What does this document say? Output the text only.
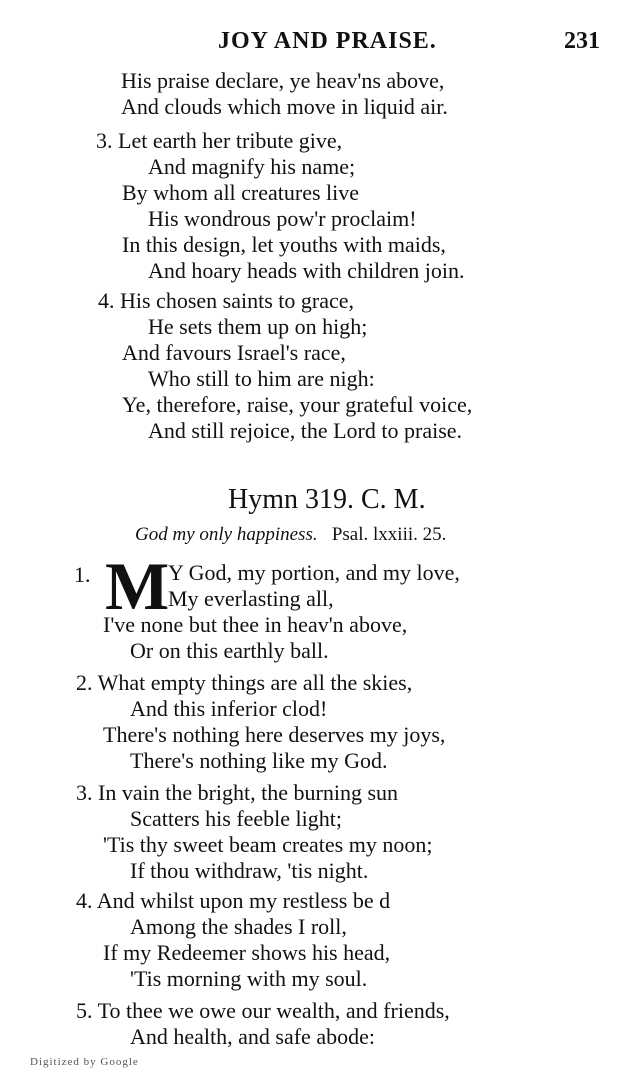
JOY AND PRAISE.	231
His praise declare, ye heav'ns above,
And clouds which move in liquid air.
3. Let earth her tribute give,
And magnify his name;
By whom all creatures live
His wondrous pow'r proclaim!
In this design, let youths with maids,
And hoary heads with children join.
4. His chosen saints to grace,
He sets them up on high;
And favours Israel's race,
Who still to him are nigh:
Ye, therefore, raise, your grateful voice,
And still rejoice, the Lord to praise.
Hymn 319. C. M.
God my only happiness. Psal. lxxiii. 25.
1. M
Y God, my portion, and my love,
My everlasting all,
I've none but thee in heav'n above,
Or on this earthly ball.
2. What empty things are all the skies,
And this inferior clod!
There's nothing here deserves my joys,
There's nothing like my God.
3. In vain the bright, the burning sun
Scatters his feeble light;
'Tis thy sweet beam creates my noon;
If thou withdraw, 'tis night.
4. And whilst upon my restless be d
Among the shades I roll,
If my Redeemer shows his head,
'Tis morning with my soul.
5. To thee we owe our wealth, and friends,
And health, and safe abode:
Digitized by Google
